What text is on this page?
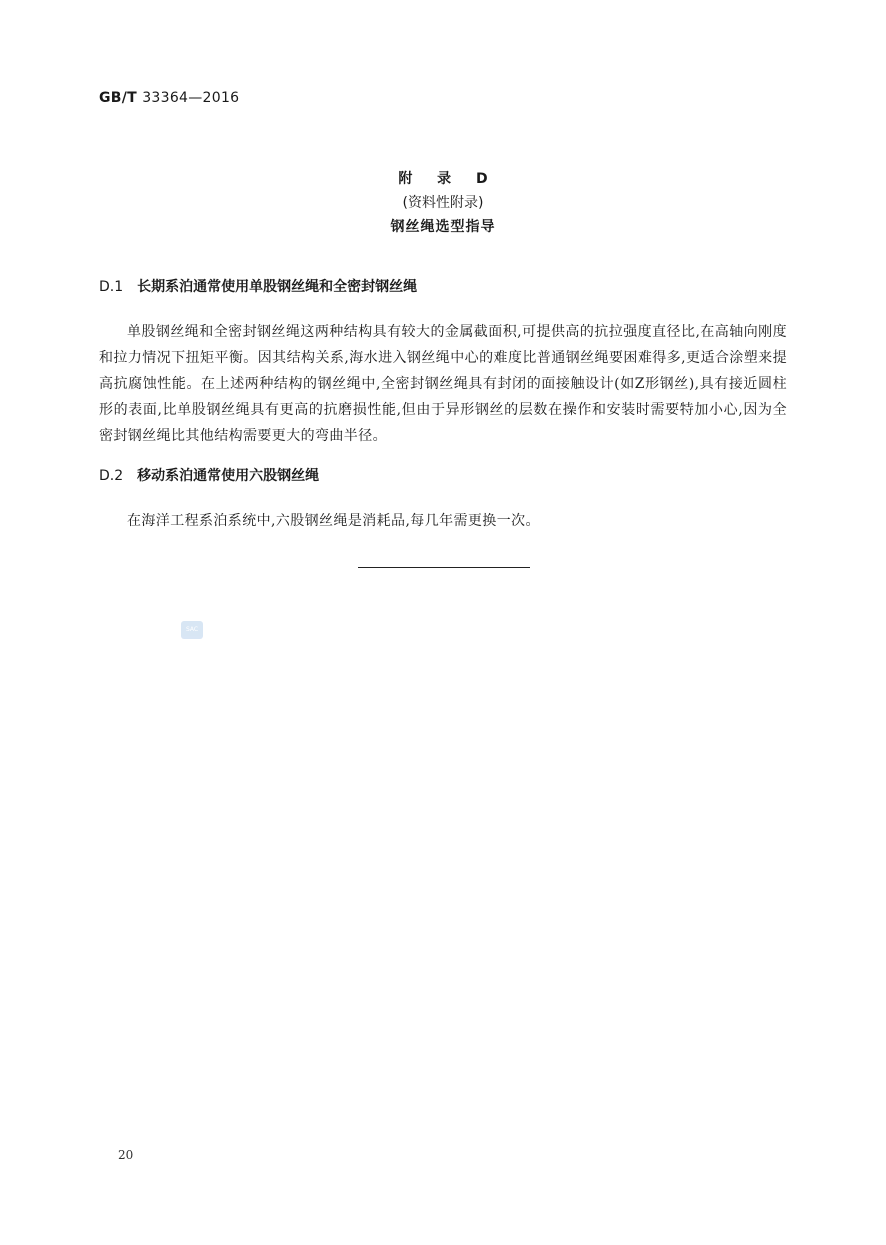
GB/T 33364—2016
附 录 D
(资料性附录)
钢丝绳选型指导
D.1 长期系泊通常使用单股钢丝绳和全密封钢丝绳
单股钢丝绳和全密封钢丝绳这两种结构具有较大的金属截面积,可提供高的抗拉强度直径比,在高轴向刚度和拉力情况下扭矩平衡。因其结构关系,海水进入钢丝绳中心的难度比普通钢丝绳要困难得多,更适合涂塑来提高抗腐蚀性能。在上述两种结构的钢丝绳中,全密封钢丝绳具有封闭的面接触设计(如Z形钢丝),具有接近圆柱形的表面,比单股钢丝绳具有更高的抗磨损性能,但由于异形钢丝的层数在操作和安装时需要特加小心,因为全密封钢丝绳比其他结构需要更大的弯曲半径。
D.2 移动系泊通常使用六股钢丝绳
在海洋工程系泊系统中,六股钢丝绳是消耗品,每几年需更换一次。
SAC
20
